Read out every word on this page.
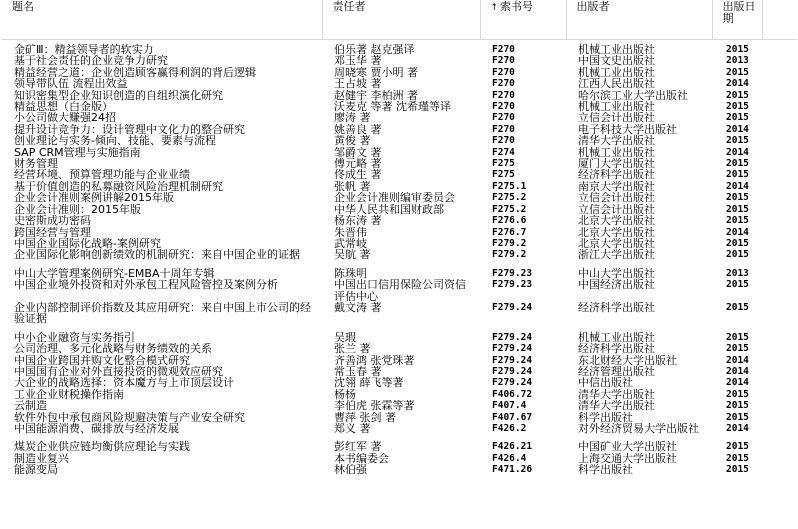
题名	责任者	↑ 索书号	出版者	出版日期	
金矿Ⅲ：精益领导者的软实力	伯乐著 赵克强译	F270	机械工业出版社	2015	
基于社会责任的企业竞争力研究	邓玉华 著	F270	中国文史出版社	2013	
精益经营之道：企业创造顾客赢得利润的背后逻辑	周晓寒 贾小明 著	F270	机械工业出版社	2015	
领导带队伍 流程出效益	王占坡 著	F270	江西人民出版社	2014	
知识密集型企业知识创造的自组织演化研究	赵健宇 李柏洲 著	F270	哈尔滨工业大学出版社	2015	
精益思想（白金版）	沃麦克 等著 沈希瑾等译	F270	机械工业出版社	2015	
小公司做大赚强24招	廖涛 著	F270	立信会计出版社	2015	
提升设计竞争力：设计管理中文化力的整合研究	姚善良 著	F270	电子科技大学出版社	2014	
创业理论与实务-倾向、技能、要素与流程	黄俊 著	F270	清华大学出版社	2015	
SAP CRM管理与实施指南	邹爵文 著	F274	机械工业出版社	2014	
财务管理	傅元略 著	F275	厦门大学出版社	2015	
经营环境、预算管理功能与企业业绩	佟成生 著	F275	经济科学出版社	2015	
基于价值创造的私募融资风险治理机制研究	张帆 著	F275.1	南京大学出版社	2014	
企业会计准则案例讲解2015年版	企业会计准则编审委员会	F275.2	立信会计出版社	2015	
企业会计准则：2015年版	中华人民共和国财政部	F275.2	立信会计出版社	2015	
史密斯成功密码	杨东涛 著	F276.6	北京大学出版社	2015	
跨国经营与管理	朱晋伟	F276.7	北京大学出版社	2014	
中国企业国际化战略-案例研究	武常岐	F279.2	北京大学出版社	2015	
企业国际化影响创新绩效的机制研究：来自中国企业的证据	吴航 著	F279.2	浙江大学出版社	2015	
中山大学管理案例研究-EMBA十周年专辑	陈珠明	F279.23	中山大学出版社	2013	
中国企业境外投资和对外承包工程风险管控及案例分析	中国出口信用保险公司资信评估中心	F279.23	中国经济出版社	2015	
企业内部控制评价指数及其应用研究：来自中国上市公司的经验证据	戴文涛 著	F279.24	经济科学出版社	2015	
中小企业融资与实务指引	吴瑕	F279.24	机械工业出版社	2015	
公司治理、多元化战略与财务绩效的关系	张兰 著	F279.24	经济科学出版社	2015	
中国企业跨国并购文化整合模式研究	齐善鸿 张党珠著	F279.24	东北财经大学出版社	2014	
中国国有企业对外直接投资的微观效应研究	常玉春 著	F279.24	经济管理出版社	2014	
大企业的战略选择：资本魔方与上市顶层设计	沈翎 薛飞等著	F279.24	中信出版社	2014	
工业企业财税操作指南	杨杨	F406.72	清华大学出版社	2015	
云制造	李伯虎 张霖等著	F407.4	清华大学出版社	2015	
软件外包中承包商风险规避决策与产业安全研究	曹萍 张剑 著	F407.67	科学出版社	2015	
中国能源消费、碳排放与经济发展	郑义 著	F426.2	对外经济贸易大学出版社	2014	
煤炭企业供应链均衡供应理论与实践	彭红军 著	F426.21	中国矿业大学出版社	2015	
制造业复兴	本书编委会	F426.4	上海交通大学出版社	2015	
能源变局	林伯强	F471.26	科学出版社	2015	
